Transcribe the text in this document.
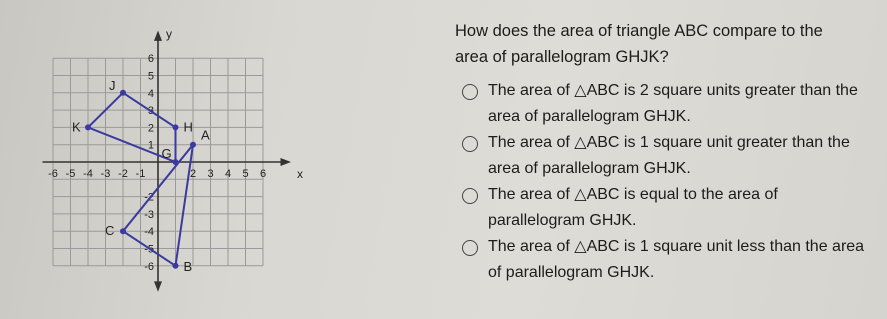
y
x
-6 -5 -4 -3 -2 -1	2 3 4 5 6
6
5
4
3
2
1
-2
-3
-4
-5
-6
J
K	H
G
A
C
B

How does the area of triangle ABC compare to the area of parallelogram GHJK?

The area of △ABC is 2 square units greater than the area of parallelogram GHJK.
The area of △ABC is 1 square unit greater than the area of parallelogram GHJK.
The area of △ABC is equal to the area of parallelogram GHJK.
The area of △ABC is 1 square unit less than the area of parallelogram GHJK.
